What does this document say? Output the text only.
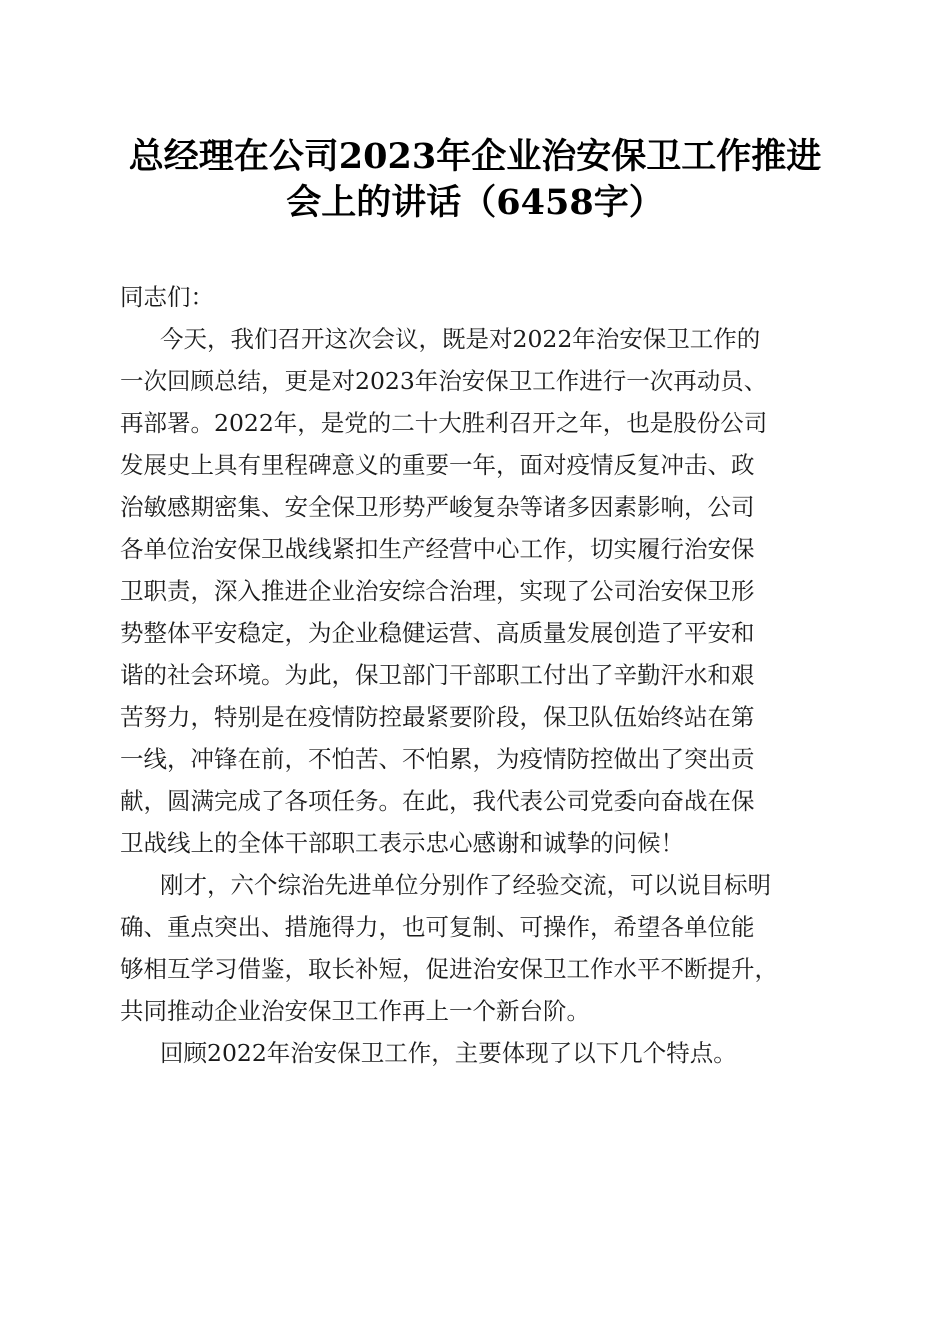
总经理在公司2023年企业治安保卫工作推进
会上的讲话（6458字）

同志们：

今天，我们召开这次会议，既是对2022年治安保卫工作的
一次回顾总结，更是对2023年治安保卫工作进行一次再动员、
再部署。2022年，是党的二十大胜利召开之年，也是股份公司
发展史上具有里程碑意义的重要一年，面对疫情反复冲击、政
治敏感期密集、安全保卫形势严峻复杂等诸多因素影响，公司
各单位治安保卫战线紧扣生产经营中心工作，切实履行治安保
卫职责，深入推进企业治安综合治理，实现了公司治安保卫形
势整体平安稳定，为企业稳健运营、高质量发展创造了平安和
谐的社会环境。为此，保卫部门干部职工付出了辛勤汗水和艰
苦努力，特别是在疫情防控最紧要阶段，保卫队伍始终站在第
一线，冲锋在前，不怕苦、不怕累，为疫情防控做出了突出贡
献，圆满完成了各项任务。在此，我代表公司党委向奋战在保
卫战线上的全体干部职工表示忠心感谢和诚挚的问候！

刚才，六个综治先进单位分别作了经验交流，可以说目标明
确、重点突出、措施得力，也可复制、可操作，希望各单位能
够相互学习借鉴，取长补短，促进治安保卫工作水平不断提升，
共同推动企业治安保卫工作再上一个新台阶。

回顾2022年治安保卫工作，主要体现了以下几个特点。
